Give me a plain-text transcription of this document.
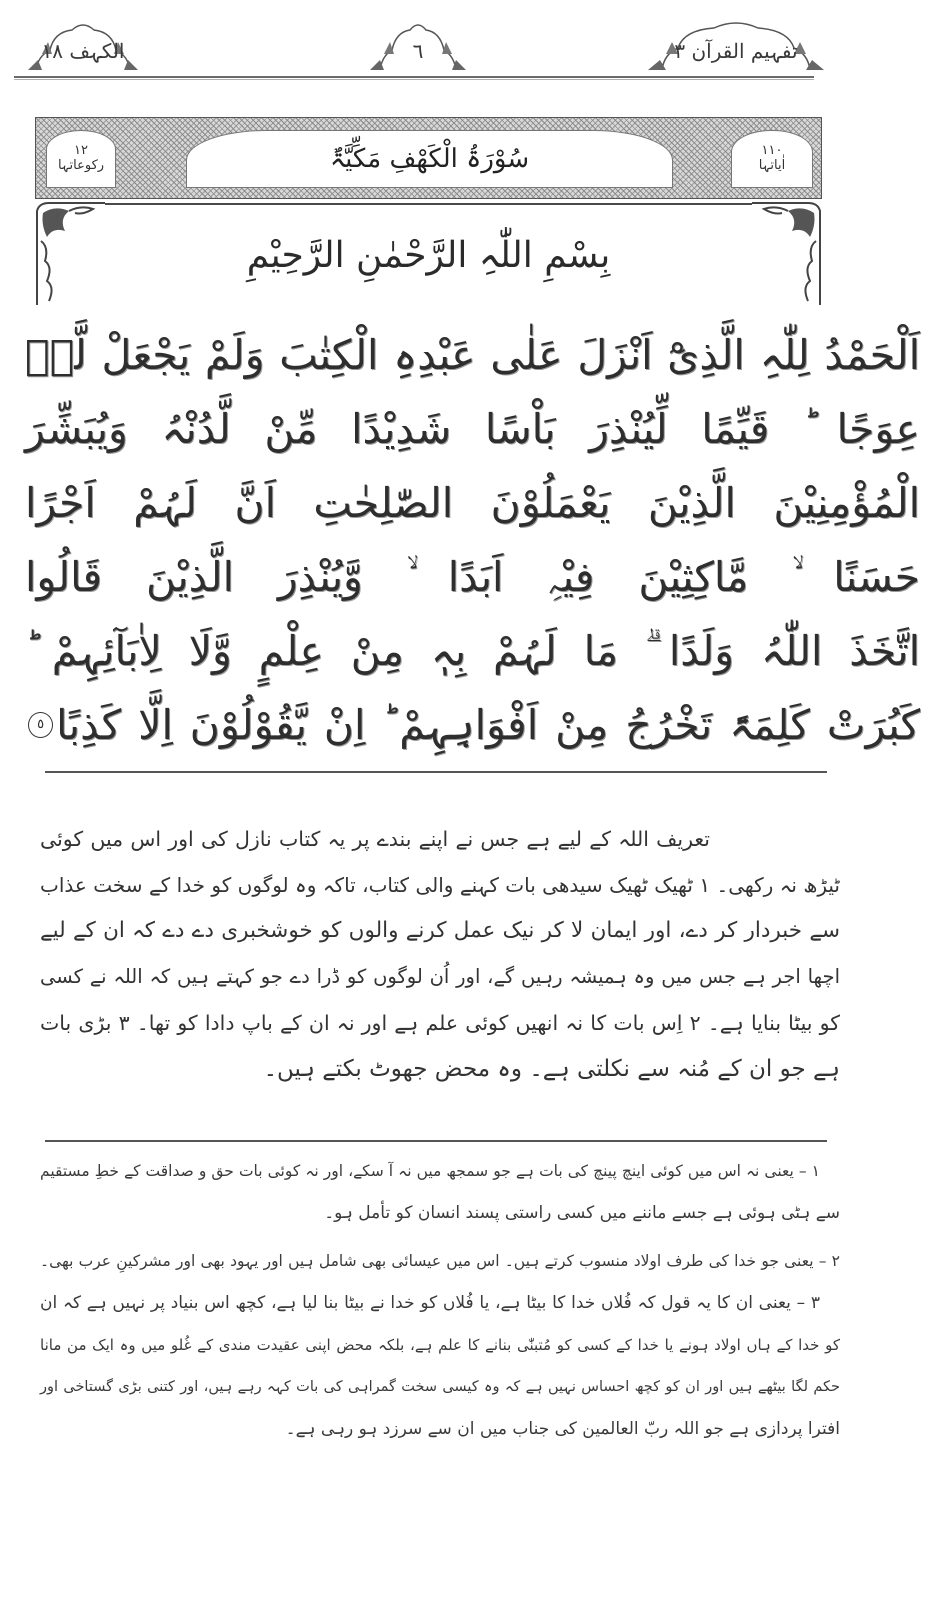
الکہف ۱۸	٦	تفہیم القرآن ۳
١٢
رکوعاتہا	سُوْرَۃُ الْکَھْفِ مَکِّیَّۃٌ	١١٠
اٰیاتہا
بِسْمِ اللّٰہِ الرَّحْمٰنِ الرَّحِیْمِ
اَلْحَمْدُ لِلّٰہِ الَّذِیْٓ اَنْزَلَ عَلٰی عَبْدِہِ الْکِتٰبَ وَلَمْ یَجْعَلْ لَّہٗ
عِوَجًا ؕ قَیِّمًا لِّیُنْذِرَ بَاْسًا شَدِیْدًا مِّنْ لَّدُنْہُ وَیُبَشِّرَ
الْمُؤْمِنِیْنَ الَّذِیْنَ یَعْمَلُوْنَ الصّٰلِحٰتِ اَنَّ لَہُمْ اَجْرًا
حَسَنًا ۙ مَّاکِثِیْنَ فِیْہِ اَبَدًا ۙ وَّیُنْذِرَ الَّذِیْنَ قَالُوا
اتَّخَذَ اللّٰہُ وَلَدًا ۗ مَا لَہُمْ بِہٖ مِنْ عِلْمٍ وَّلَا لِاٰبَآئِہِمْ ؕ
کَبُرَتْ کَلِمَۃً تَخْرُجُ مِنْ اَفْوَاہِہِمْ ؕ اِنْ یَّقُوْلُوْنَ اِلَّا کَذِبًا
٥
تعریف اللہ کے لیے ہے جس نے اپنے بندے پر یہ کتاب نازل کی اور اس میں کوئی
ٹیڑھ نہ رکھی۔ ۱ ٹھیک ٹھیک سیدھی بات کہنے والی کتاب، تاکہ وہ لوگوں کو خدا کے سخت عذاب
سے خبردار کر دے، اور ایمان لا کر نیک عمل کرنے والوں کو خوشخبری دے دے کہ ان کے لیے
اچھا اجر ہے جس میں وہ ہمیشہ رہیں گے، اور اُن لوگوں کو ڈرا دے جو کہتے ہیں کہ اللہ نے کسی
کو بیٹا بنایا ہے۔ ۲ اِس بات کا نہ انھیں کوئی علم ہے اور نہ ان کے باپ دادا کو تھا۔ ۳ بڑی بات
ہے جو ان کے مُنہ سے نکلتی ہے۔ وہ محض جھوٹ بکتے ہیں۔
۱ – یعنی نہ اس میں کوئی اینچ پینچ کی بات ہے جو سمجھ میں نہ آ سکے، اور نہ کوئی بات حق و صداقت کے خطِ مستقیم
سے ہٹی ہوئی ہے جسے ماننے میں کسی راستی پسند انسان کو تأمل ہو۔
۲ – یعنی جو خدا کی طرف اولاد منسوب کرتے ہیں۔ اس میں عیسائی بھی شامل ہیں اور یہود بھی اور مشرکینِ عرب بھی۔
۳ – یعنی ان کا یہ قول کہ فُلاں خدا کا بیٹا ہے، یا فُلاں کو خدا نے بیٹا بنا لیا ہے، کچھ اس بنیاد پر نہیں ہے کہ ان
کو خدا کے ہاں اولاد ہونے یا خدا کے کسی کو مُتبنّٰی بنانے کا علم ہے، بلکہ محض اپنی عقیدت مندی کے غُلو میں وہ ایک من مانا
حکم لگا بیٹھے ہیں اور ان کو کچھ احساس نہیں ہے کہ وہ کیسی سخت گمراہی کی بات کہہ رہے ہیں، اور کتنی بڑی گستاخی اور
افترا پردازی ہے جو اللہ ربّ العالمین کی جناب میں ان سے سرزد ہو رہی ہے۔
